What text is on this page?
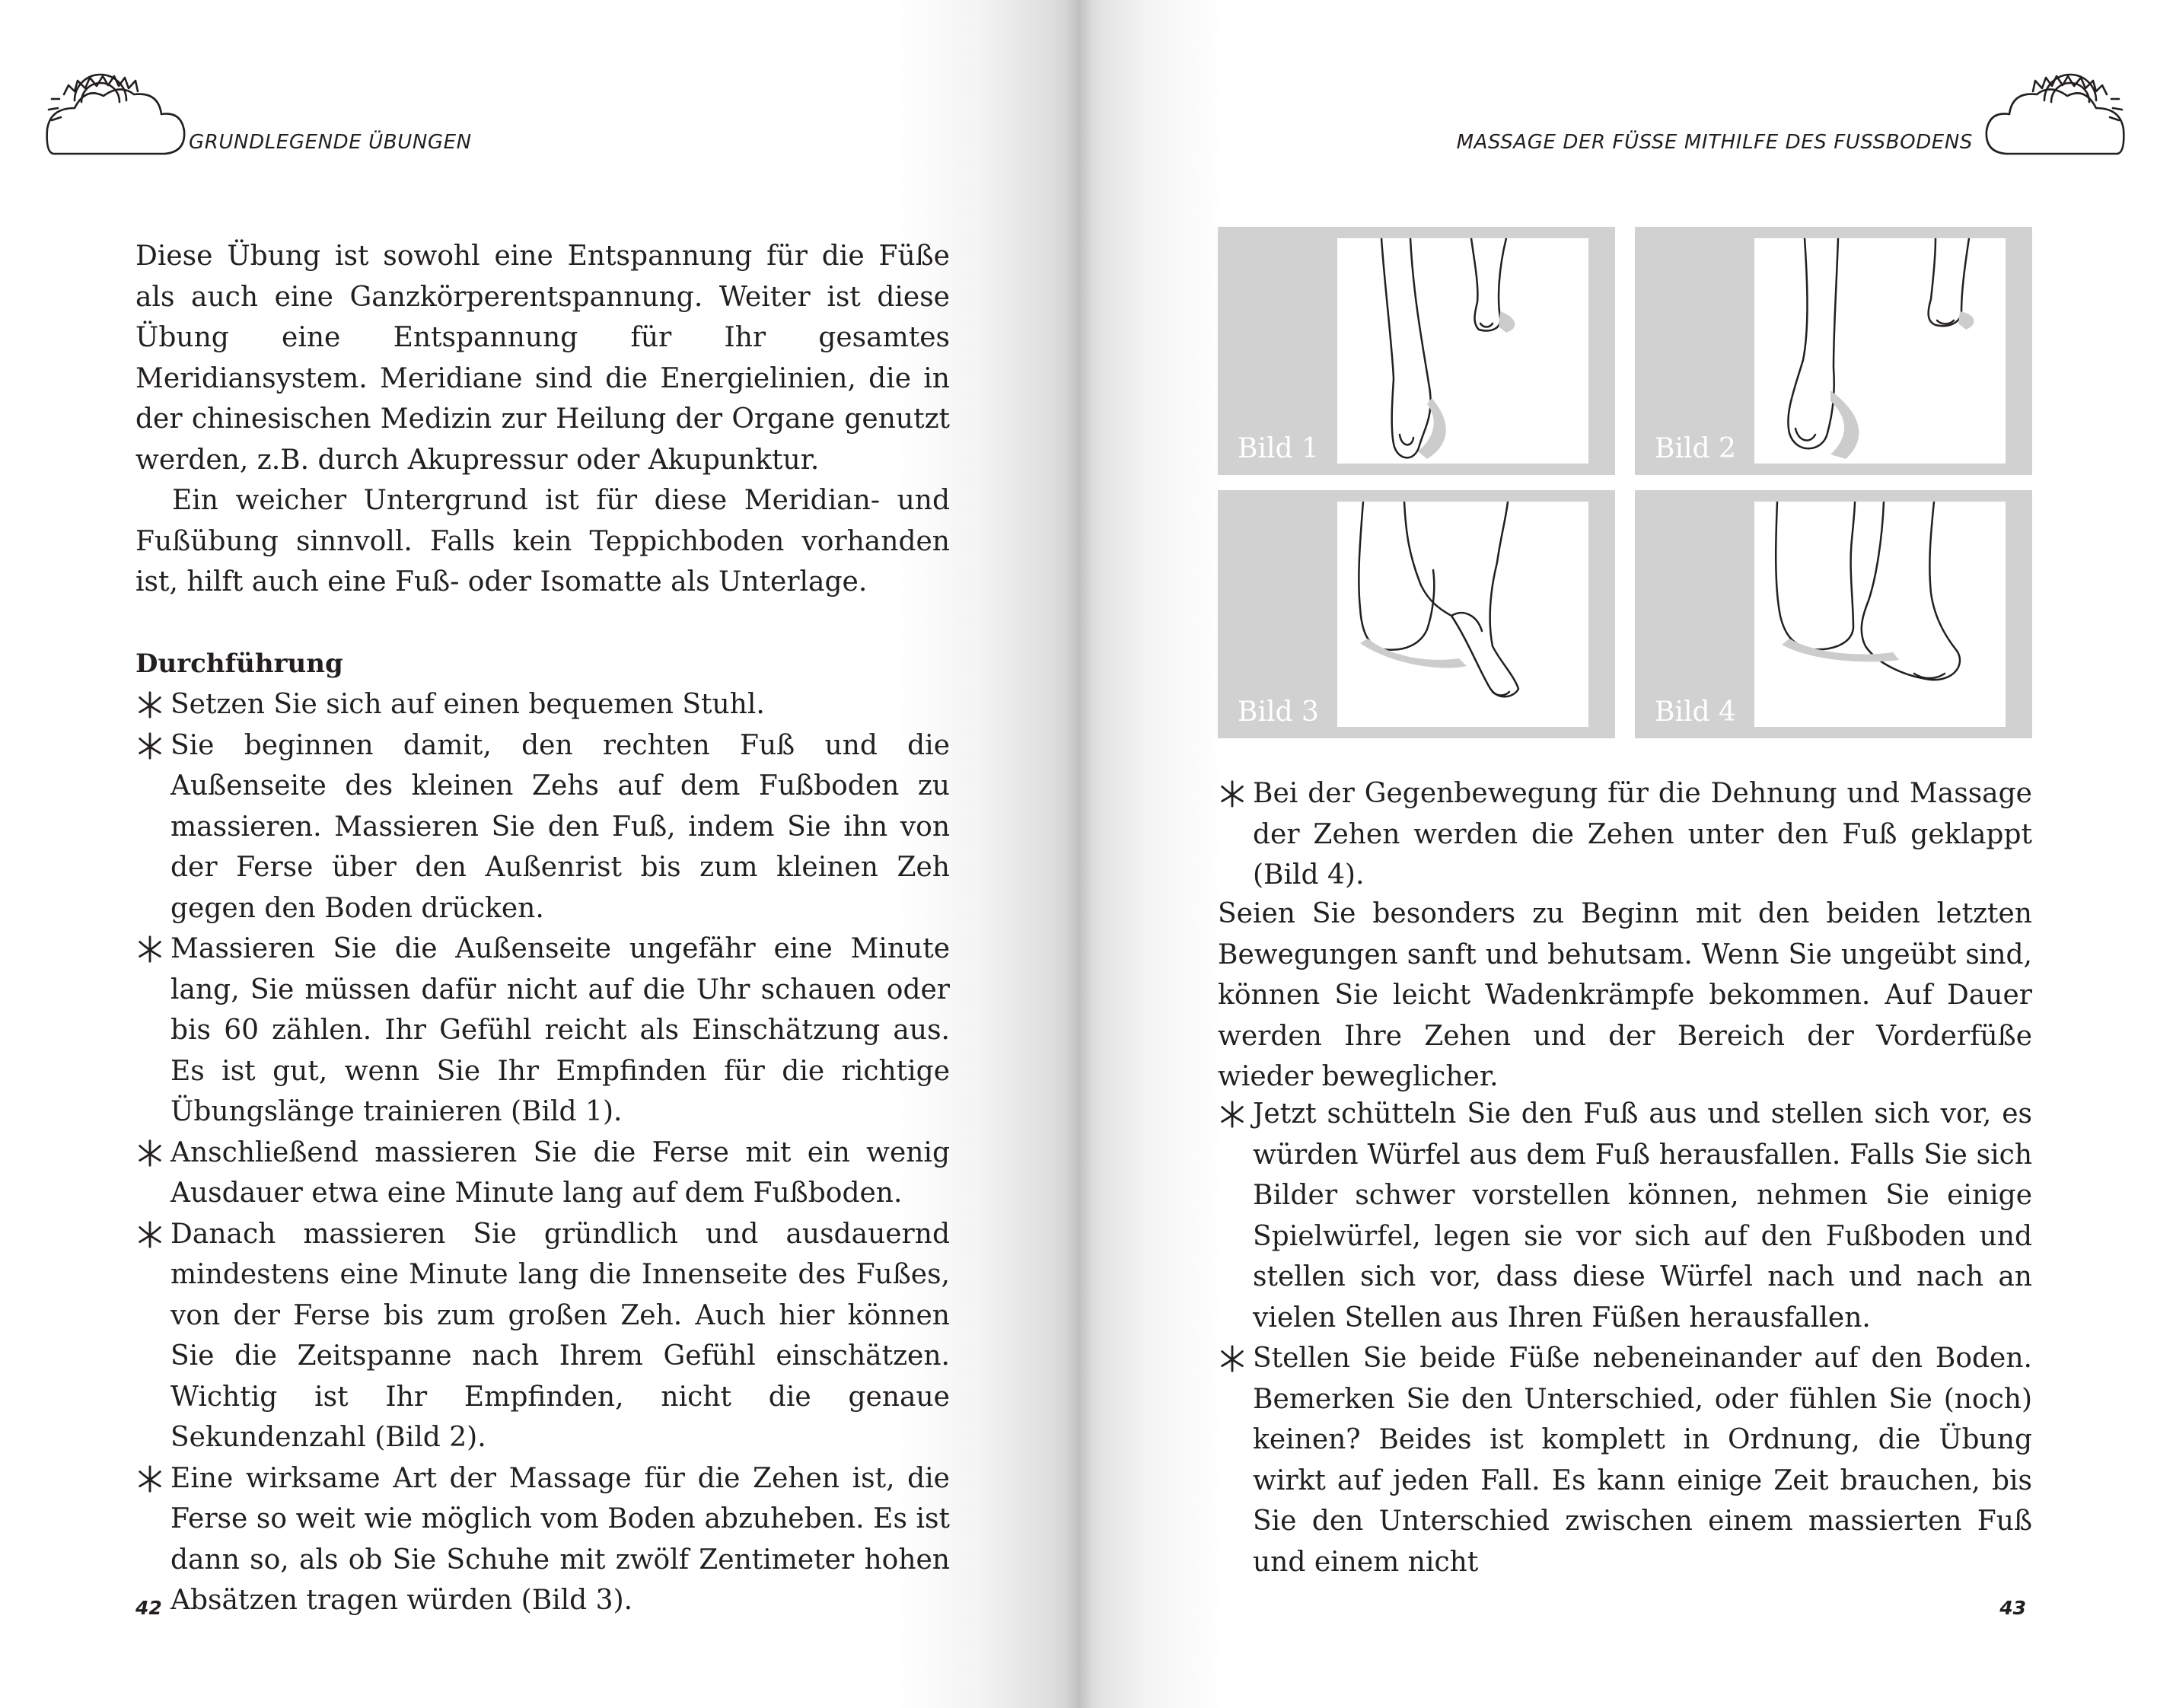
GRUNDLEGENDE ÜBUNGEN

Diese Übung ist sowohl eine Entspannung für die Füße als auch eine Ganzkörperentspannung. Weiter ist diese Übung eine Entspannung für Ihr gesamtes Meridiansystem. Meridiane sind die Energielinien, die in der chinesischen Medizin zur Heilung der Organe genutzt werden, z.B. durch Akupressur oder Akupunktur.

Ein weicher Untergrund ist für diese Meridian- und Fußübung sinnvoll. Falls kein Teppichboden vorhanden ist, hilft auch eine Fuß- oder Isomatte als Unterlage.

Durchführung

Setzen Sie sich auf einen bequemen Stuhl.
Sie beginnen damit, den rechten Fuß und die Außenseite des kleinen Zehs auf dem Fußboden zu massieren. Massieren Sie den Fuß, indem Sie ihn von der Ferse über den Außenrist bis zum kleinen Zeh gegen den Boden drücken.
Massieren Sie die Außenseite ungefähr eine Minute lang, Sie müssen dafür nicht auf die Uhr schauen oder bis 60 zählen. Ihr Gefühl reicht als Einschätzung aus. Es ist gut, wenn Sie Ihr Empfinden für die richtige Übungslänge trainieren (Bild 1).
Anschließend massieren Sie die Ferse mit ein wenig Ausdauer etwa eine Minute lang auf dem Fußboden.
Danach massieren Sie gründlich und ausdauernd mindestens eine Minute lang die Innenseite des Fußes, von der Ferse bis zum großen Zeh. Auch hier können Sie die Zeitspanne nach Ihrem Gefühl einschätzen. Wichtig ist Ihr Empfinden, nicht die genaue Sekundenzahl (Bild 2).
Eine wirksame Art der Massage für die Zehen ist, die Ferse so weit wie möglich vom Boden abzuheben. Es ist dann so, als ob Sie Schuhe mit zwölf Zentimeter hohen Absätzen tragen würden (Bild 3).
42
MASSAGE DER FÜSSE MITHILFE DES FUSSBODENS
43
Bild 1	Bild 2
Bild 3	Bild 4
Bei der Gegenbewegung für die Dehnung und Massage der Zehen werden die Zehen unter den Fuß geklappt (Bild 4).

Seien Sie besonders zu Beginn mit den beiden letzten Bewegungen sanft und behutsam. Wenn Sie ungeübt sind, können Sie leicht Wadenkrämpfe bekommen. Auf Dauer werden Ihre Zehen und der Bereich der Vorderfüße wieder beweglicher.

Jetzt schütteln Sie den Fuß aus und stellen sich vor, es würden Würfel aus dem Fuß herausfallen. Falls Sie sich Bilder schwer vorstellen können, nehmen Sie einige Spielwürfel, legen sie vor sich auf den Fußboden und stellen sich vor, dass diese Würfel nach und nach an vielen Stellen aus Ihren Füßen herausfallen.
Stellen Sie beide Füße nebeneinander auf den Boden. Bemerken Sie den Unterschied, oder fühlen Sie (noch) keinen? Beides ist komplett in Ordnung, die Übung wirkt auf jeden Fall. Es kann einige Zeit brauchen, bis Sie den Unterschied zwischen einem massierten Fuß und einem nicht
